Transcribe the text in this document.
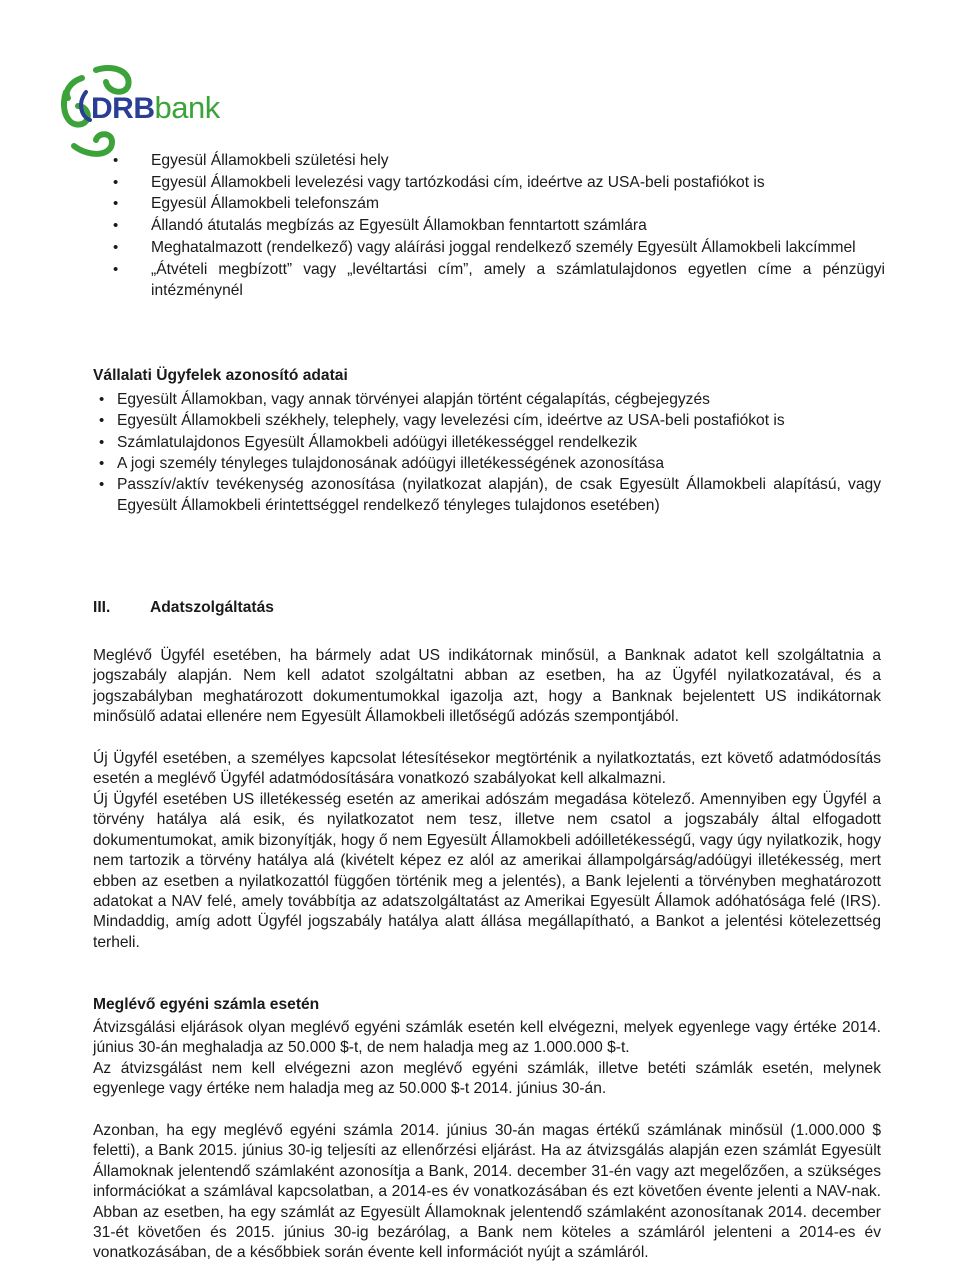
DRBbank
• Egyesül Államokbeli születési hely
• Egyesül Államokbeli levelezési vagy tartózkodási cím, ideértve az USA-beli postafiókot is
• Egyesül Államokbeli telefonszám
• Állandó átutalás megbízás az Egyesült Államokban fenntartott számlára
• Meghatalmazott (rendelkező) vagy aláírási joggal rendelkező személy Egyesült Államokbeli lakcímmel
• „Átvételi megbízott” vagy „levéltartási cím”, amely a számlatulajdonos egyetlen címe a pénzügyi intézménynél
Vállalati Ügyfelek azonosító adatai
• Egyesült Államokban, vagy annak törvényei alapján történt cégalapítás, cégbejegyzés
• Egyesült Államokbeli székhely, telephely, vagy levelezési cím, ideértve az USA-beli postafiókot is
• Számlatulajdonos Egyesült Államokbeli adóügyi illetékességgel rendelkezik
• A jogi személy tényleges tulajdonosának adóügyi illetékességének azonosítása
• Passzív/aktív tevékenység azonosítása (nyilatkozat alapján), de csak Egyesült Államokbeli alapítású, vagy Egyesült Államokbeli érintettséggel rendelkező tényleges tulajdonos esetében)
III.	Adatszolgáltatás

Meglévő Ügyfél esetében, ha bármely adat US indikátornak minősül, a Banknak adatot kell szolgáltatnia a jogszabály alapján. Nem kell adatot szolgáltatni abban az esetben, ha az Ügyfél nyilatkozatával, és a jogszabályban meghatározott dokumentumokkal igazolja azt, hogy a Banknak bejelentett US indikátornak minősülő adatai ellenére nem Egyesült Államokbeli illetőségű adózás szempontjából.

Új Ügyfél esetében, a személyes kapcsolat létesítésekor megtörténik a nyilatkoztatás, ezt követő adatmódosítás esetén a meglévő Ügyfél adatmódosítására vonatkozó szabályokat kell alkalmazni.

Új Ügyfél esetében US illetékesség esetén az amerikai adószám megadása kötelező. Amennyiben egy Ügyfél a törvény hatálya alá esik, és nyilatkozatot nem tesz, illetve nem csatol a jogszabály által elfogadott dokumentumokat, amik bizonyítják, hogy ő nem Egyesült Államokbeli adóilletékességű, vagy úgy nyilatkozik, hogy nem tartozik a törvény hatálya alá (kivételt képez ez alól az amerikai állampolgárság/adóügyi illetékesség, mert ebben az esetben a nyilatkozattól függően történik meg a jelentés), a Bank lejelenti a törvényben meghatározott adatokat a NAV felé, amely továbbítja az adatszolgáltatást az Amerikai Egyesült Államok adóhatósága felé (IRS). Mindaddig, amíg adott Ügyfél jogszabály hatálya alatt állása megállapítható, a Bankot a jelentési kötelezettség terheli.

Meglévő egyéni számla esetén

Átvizsgálási eljárások olyan meglévő egyéni számlák esetén kell elvégezni, melyek egyenlege vagy értéke 2014. június 30-án meghaladja az 50.000 $-t, de nem haladja meg az 1.000.000 $-t.

Az átvizsgálást nem kell elvégezni azon meglévő egyéni számlák, illetve betéti számlák esetén, melynek egyenlege vagy értéke nem haladja meg az 50.000 $-t 2014. június 30-án.

Azonban, ha egy meglévő egyéni számla 2014. június 30-án magas értékű számlának minősül (1.000.000 $ feletti), a Bank 2015. június 30-ig teljesíti az ellenőrzési eljárást. Ha az átvizsgálás alapján ezen számlát Egyesült Államoknak jelentendő számlaként azonosítja a Bank, 2014. december 31-én vagy azt megelőzően, a szükséges információkat a számlával kapcsolatban, a 2014-es év vonatkozásában és ezt követően évente jelenti a NAV-nak. Abban az esetben, ha egy számlát az Egyesült Államoknak jelentendő számlaként azonosítanak 2014. december 31-ét követően és 2015. június 30-ig bezárólag, a Bank nem köteles a számláról jelenteni a 2014-es év vonatkozásában, de a későbbiek során évente kell információt nyújt a számláról.
